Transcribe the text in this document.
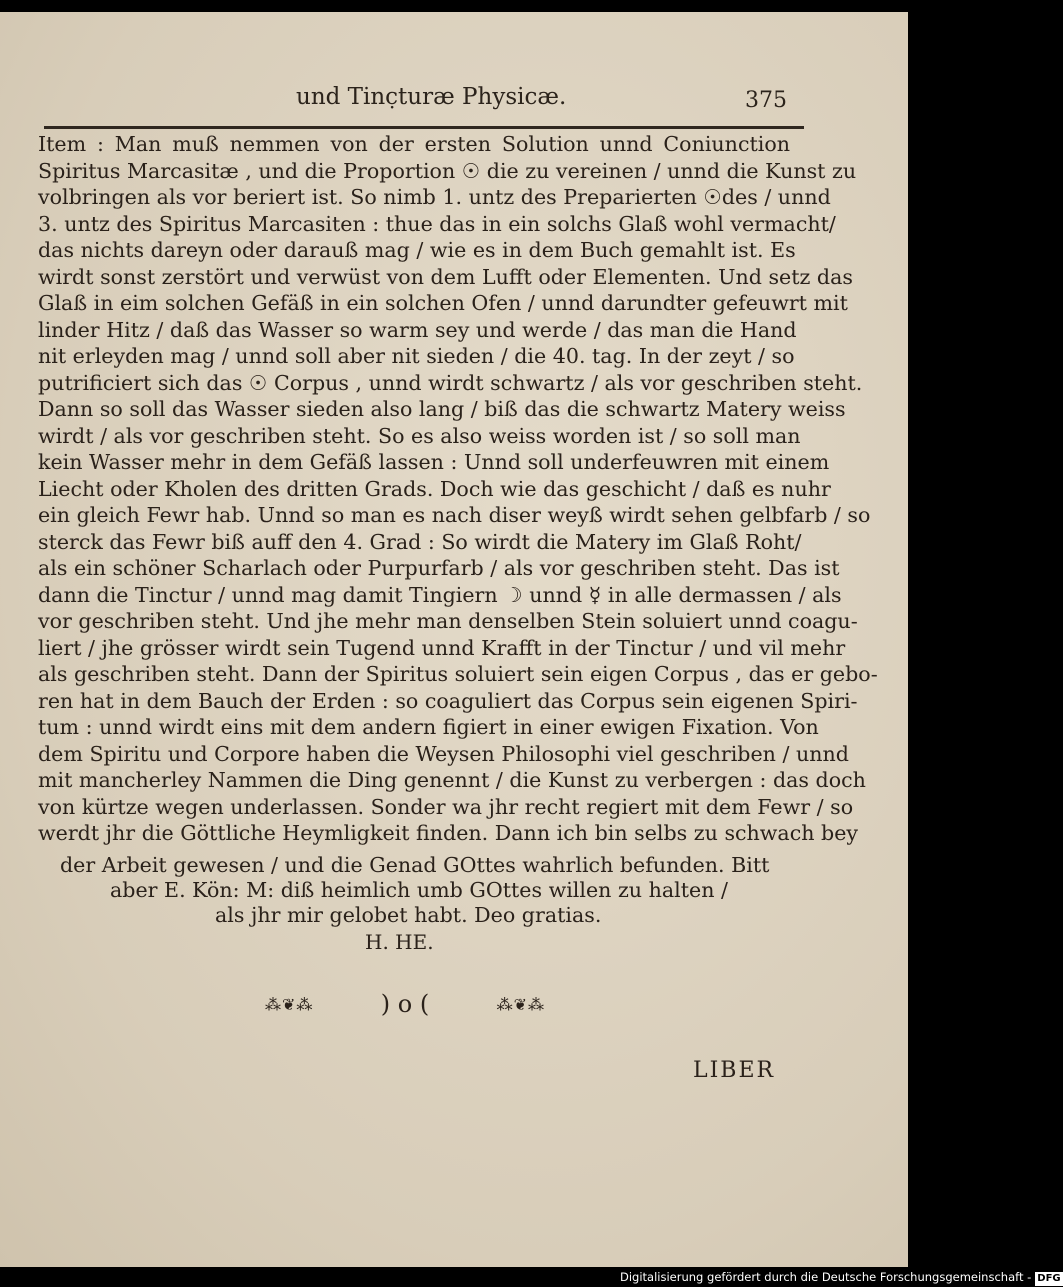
und Tinc̣turæ Physicæ.	375
Item : Man muß nemmen von der ersten Solution unnd Coniunction
Spiritus Marcasitæ , und die Proportion ☉ die zu vereinen / unnd die Kunst zu
volbringen als vor beriert ist. So nimb 1. untz des Preparierten ☉des / unnd
3. untz des Spiritus Marcasiten : thue das in ein solchs Glaß wohl vermacht/
das nichts dareyn oder darauß mag / wie es in dem Buch gemahlt ist. Es
wirdt sonst zerstört und verwüst von dem Lufft oder Elementen. Und setz das
Glaß in eim solchen Gefäß in ein solchen Ofen / unnd darundter gefeuwrt mit
linder Hitz / daß das Wasser so warm sey und werde / das man die Hand
nit erleyden mag / unnd soll aber nit sieden / die 40. tag. In der zeyt / so
putrificiert sich das ☉ Corpus , unnd wirdt schwartz / als vor geschriben steht.
Dann so soll das Wasser sieden also lang / biß das die schwartz Matery weiss
wirdt / als vor geschriben steht. So es also weiss worden ist / so soll man
kein Wasser mehr in dem Gefäß lassen : Unnd soll underfeuwren mit einem
Liecht oder Kholen des dritten Grads. Doch wie das geschicht / daß es nuhr
ein gleich Fewr hab. Unnd so man es nach diser weyß wirdt sehen gelbfarb / so
sterck das Fewr biß auff den 4. Grad : So wirdt die Matery im Glaß Roht/
als ein schöner Scharlach oder Purpurfarb / als vor geschriben steht. Das ist
dann die Tinctur / unnd mag damit Tingiern ☽ unnd ☿ in alle dermassen / als
vor geschriben steht. Und jhe mehr man denselben Stein soluiert unnd coagu-
liert / jhe grösser wirdt sein Tugend unnd Krafft in der Tinctur / und vil mehr
als geschriben steht. Dann der Spiritus soluiert sein eigen Corpus , das er gebo-
ren hat in dem Bauch der Erden : so coaguliert das Corpus sein eigenen Spiri-
tum : unnd wirdt eins mit dem andern figiert in einer ewigen Fixation. Von
dem Spiritu und Corpore haben die Weysen Philosophi viel geschriben / unnd
mit mancherley Nammen die Ding genennt / die Kunst zu verbergen : das doch
von kürtze wegen underlassen. Sonder wa jhr recht regiert mit dem Fewr / so
werdt jhr die Göttliche Heymligkeit finden. Dann ich bin selbs zu schwach bey
der Arbeit gewesen / und die Genad GOttes wahrlich befunden. Bitt
aber E. Kön: M: diß heimlich umb GOttes willen zu halten /
als jhr mir gelobet habt. Deo gratias.
H. HE.
⁂❦⁂	) o (	⁂❦⁂
LIBER
Digitalisierung gefördert durch die Deutsche Forschungsgemeinschaft - DFG
